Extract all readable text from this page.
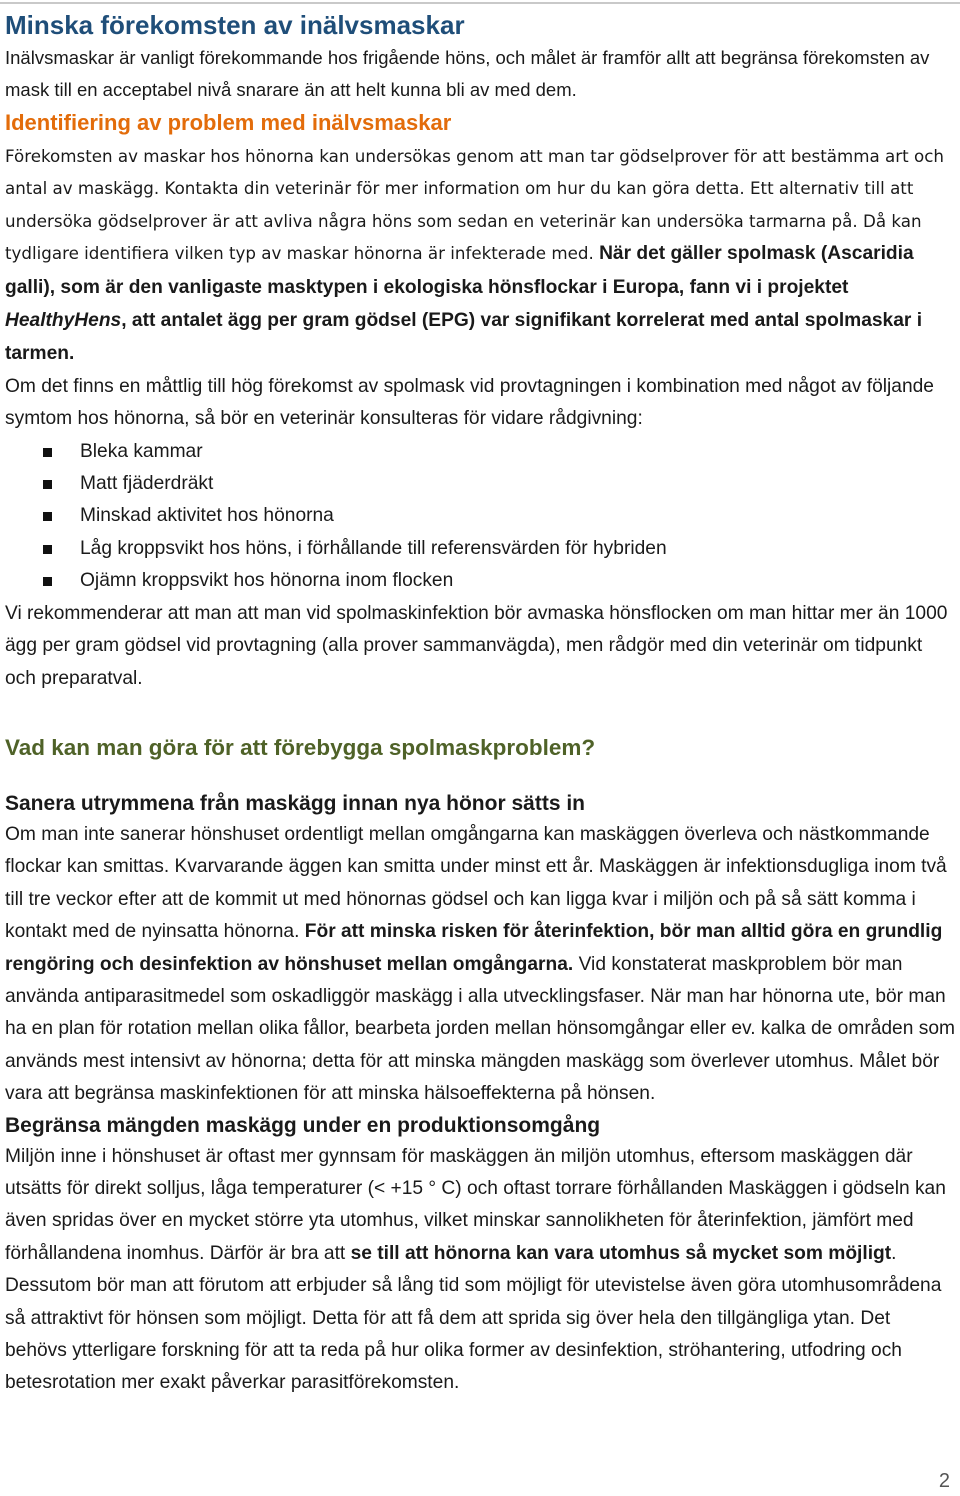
Minska förekomsten av inälvsmaskar

Inälvsmaskar är vanligt förekommande hos frigående höns, och målet är framför allt att begränsa förekomsten av mask till en acceptabel nivå snarare än att helt kunna bli av med dem.

Identifiering av problem med inälvsmaskar

Förekomsten av maskar hos hönorna kan undersökas genom att man tar gödselprover för att bestämma art och antal av maskägg. Kontakta din veterinär för mer information om hur du kan göra detta. Ett alternativ till att undersöka gödselprover är att avliva några höns som sedan en veterinär kan undersöka tarmarna på. Då kan tydligare identifiera vilken typ av maskar hönorna är infekterade med. När det gäller spolmask (Ascaridia galli), som är den vanligaste masktypen i ekologiska hönsflockar i Europa, fann vi i projektet HealthyHens, att antalet ägg per gram gödsel (EPG) var signifikant korrelerat med antal spolmaskar i tarmen.

Om det finns en måttlig till hög förekomst av spolmask vid provtagningen i kombination med något av följande symtom hos hönorna, så bör en veterinär konsulteras för vidare rådgivning:

Bleka kammar
Matt fjäderdräkt
Minskad aktivitet hos hönorna
Låg kroppsvikt hos höns, i förhållande till referensvärden för hybriden
Ojämn kroppsvikt hos hönorna inom flocken

Vi rekommenderar att man att man vid spolmaskinfektion bör avmaska hönsflocken om man hittar mer än 1000 ägg per gram gödsel vid provtagning (alla prover sammanvägda), men rådgör med din veterinär om tidpunkt och preparatval.

Vad kan man göra för att förebygga spolmaskproblem?
Sanera utrymmena från maskägg innan nya hönor sätts in

Om man inte sanerar hönshuset ordentligt mellan omgångarna kan maskäggen överleva och nästkommande flockar kan smittas. Kvarvarande äggen kan smitta under minst ett år. Maskäggen är infektionsdugliga inom två till tre veckor efter att de kommit ut med hönornas gödsel och kan ligga kvar i miljön och på så sätt komma i kontakt med de nyinsatta hönorna. För att minska risken för återinfektion, bör man alltid göra en grundlig rengöring och desinfektion av hönshuset mellan omgångarna. Vid konstaterat maskproblem bör man använda antiparasitmedel som oskadliggör maskägg i alla utvecklingsfaser. När man har hönorna ute, bör man ha en plan för rotation mellan olika fållor, bearbeta jorden mellan hönsomgångar eller ev. kalka de områden som används mest intensivt av hönorna; detta för att minska mängden maskägg som överlever utomhus. Målet bör vara att begränsa maskinfektionen för att minska hälsoeffekterna på hönsen.

Begränsa mängden maskägg under en produktionsomgång

Miljön inne i hönshuset är oftast mer gynnsam för maskäggen än miljön utomhus, eftersom maskäggen där utsätts för direkt solljus, låga temperaturer (< +15 ° C) och oftast torrare förhållanden Maskäggen i gödseln kan även spridas över en mycket större yta utomhus, vilket minskar sannolikheten för återinfektion, jämfört med förhållandena inomhus. Därför är bra att se till att hönorna kan vara utomhus så mycket som möjligt. Dessutom bör man att förutom att erbjuder så lång tid som möjligt för utevistelse även göra utomhusområdena så attraktivt för hönsen som möjligt. Detta för att få dem att sprida sig över hela den tillgängliga ytan. Det behövs ytterligare forskning för att ta reda på hur olika former av desinfektion, ströhantering, utfodring och betesrotation mer exakt påverkar parasitförekomsten.

2
